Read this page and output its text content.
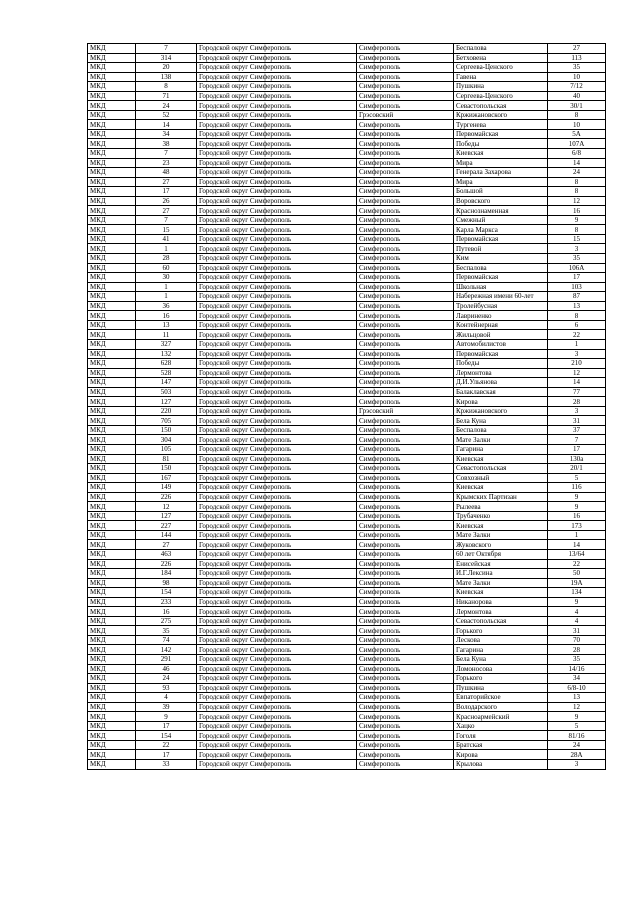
МКД	7	Городской округ Симферополь	Симферополь	Беспалова	27
МКД	314	Городской округ Симферополь	Симферополь	Бетховена	113
МКД	20	Городской округ Симферополь	Симферополь	Сергеева-Ценского	35
МКД	138	Городской округ Симферополь	Симферополь	Гавена	10
МКД	8	Городской округ Симферополь	Симферополь	Пушкина	7/12
МКД	71	Городской округ Симферополь	Симферополь	Сергеева-Ценского	40
МКД	24	Городской округ Симферополь	Симферополь	Севастопольская	30/1
МКД	52	Городской округ Симферополь	Грэсовский	Кржижановского	8
МКД	14	Городской округ Симферополь	Симферополь	Тургенева	10
МКД	34	Городской округ Симферополь	Симферополь	Первомайская	5А
МКД	38	Городской округ Симферополь	Симферополь	Победы	107А
МКД	7	Городской округ Симферополь	Симферополь	Киевская	6/8
МКД	23	Городской округ Симферополь	Симферополь	Мира	14
МКД	48	Городской округ Симферополь	Симферополь	Генерала Захарова	24
МКД	27	Городской округ Симферополь	Симферополь	Мира	8
МКД	17	Городской округ Симферополь	Симферополь	Большой	8
МКД	26	Городской округ Симферополь	Симферополь	Воровского	12
МКД	27	Городской округ Симферополь	Симферополь	Краснознаменная	16
МКД	7	Городской округ Симферополь	Симферополь	Смежный	9
МКД	15	Городской округ Симферополь	Симферополь	Карла Маркса	8
МКД	41	Городской округ Симферополь	Симферополь	Первомайская	15
МКД	1	Городской округ Симферополь	Симферополь	Путевой	3
МКД	28	Городской округ Симферополь	Симферополь	Ким	35
МКД	60	Городской округ Симферополь	Симферополь	Беспалова	106А
МКД	30	Городской округ Симферополь	Симферополь	Первомайская	17
МКД	1	Городской округ Симферополь	Симферополь	Школьная	103
МКД	1	Городской округ Симферополь	Симферополь	Набережная имени 60-лет	87
МКД	36	Городской округ Симферополь	Симферополь	Тролейбусная	13
МКД	16	Городской округ Симферополь	Симферополь	Лавриненко	8
МКД	13	Городской округ Симферополь	Симферополь	Контейнерная	6
МКД	11	Городской округ Симферополь	Симферополь	Жильцовой	22
МКД	327	Городской округ Симферополь	Симферополь	Автомобилистов	1
МКД	132	Городской округ Симферополь	Симферополь	Первомайская	3
МКД	628	Городской округ Симферополь	Симферополь	Победы	210
МКД	528	Городской округ Симферополь	Симферополь	Лермонтова	12
МКД	147	Городской округ Симферополь	Симферополь	Д.И.Ульянова	14
МКД	503	Городской округ Симферополь	Симферополь	Балаклавская	77
МКД	127	Городской округ Симферополь	Симферополь	Кирова	28
МКД	220	Городской округ Симферополь	Грэсовский	Кржижановского	3
МКД	705	Городской округ Симферополь	Симферополь	Бела Куна	31
МКД	150	Городской округ Симферополь	Симферополь	Беспалова	37
МКД	304	Городской округ Симферополь	Симферополь	Мате Залки	7
МКД	105	Городской округ Симферополь	Симферополь	Гагарина	17
МКД	81	Городской округ Симферополь	Симферополь	Киевская	130а
МКД	150	Городской округ Симферополь	Симферополь	Севастопольская	20/1
МКД	167	Городской округ Симферополь	Симферополь	Совхозный	5
МКД	149	Городской округ Симферополь	Симферополь	Киевская	116
МКД	226	Городской округ Симферополь	Симферополь	Крымских Партизан	9
МКД	12	Городской округ Симферополь	Симферополь	Рылеева	9
МКД	127	Городской округ Симферополь	Симферополь	Трубаченко	16
МКД	227	Городской округ Симферополь	Симферополь	Киевская	173
МКД	144	Городской округ Симферополь	Симферополь	Мате Залки	1
МКД	27	Городской округ Симферополь	Симферополь	Жуковского	14
МКД	463	Городской округ Симферополь	Симферополь	60 лет Октября	13/64
МКД	226	Городской округ Симферополь	Симферополь	Енисейская	22
МКД	184	Городской округ Симферополь	Симферополь	И.Г.Лексина	50
МКД	98	Городской округ Симферополь	Симферополь	Мате Залки	19А
МКД	154	Городской округ Симферополь	Симферополь	Киевская	134
МКД	233	Городской округ Симферополь	Симферополь	Никанорова	9
МКД	16	Городской округ Симферополь	Симферополь	Лермонтова	4
МКД	275	Городской округ Симферополь	Симферополь	Севастопольская	4
МКД	35	Городской округ Симферополь	Симферополь	Горького	31
МКД	74	Городской округ Симферополь	Симферополь	Лескова	70
МКД	142	Городской округ Симферополь	Симферополь	Гагарина	28
МКД	291	Городской округ Симферополь	Симферополь	Бела Куна	35
МКД	46	Городской округ Симферополь	Симферополь	Ломоносова	14/16
МКД	24	Городской округ Симферополь	Симферополь	Горького	34
МКД	93	Городской округ Симферополь	Симферополь	Пушкина	6/8-10
МКД	4	Городской округ Симферополь	Симферополь	Евпаторийское	13
МКД	39	Городской округ Симферополь	Симферополь	Володарского	12
МКД	9	Городской округ Симферополь	Симферополь	Красноармейский	9
МКД	17	Городской округ Симферополь	Симферополь	Хацко	5
МКД	154	Городской округ Симферополь	Симферополь	Гоголя	81/16
МКД	22	Городской округ Симферополь	Симферополь	Братская	24
МКД	17	Городской округ Симферополь	Симферополь	Кирова	28А
МКД	33	Городской округ Симферополь	Симферополь	Крылова	3
